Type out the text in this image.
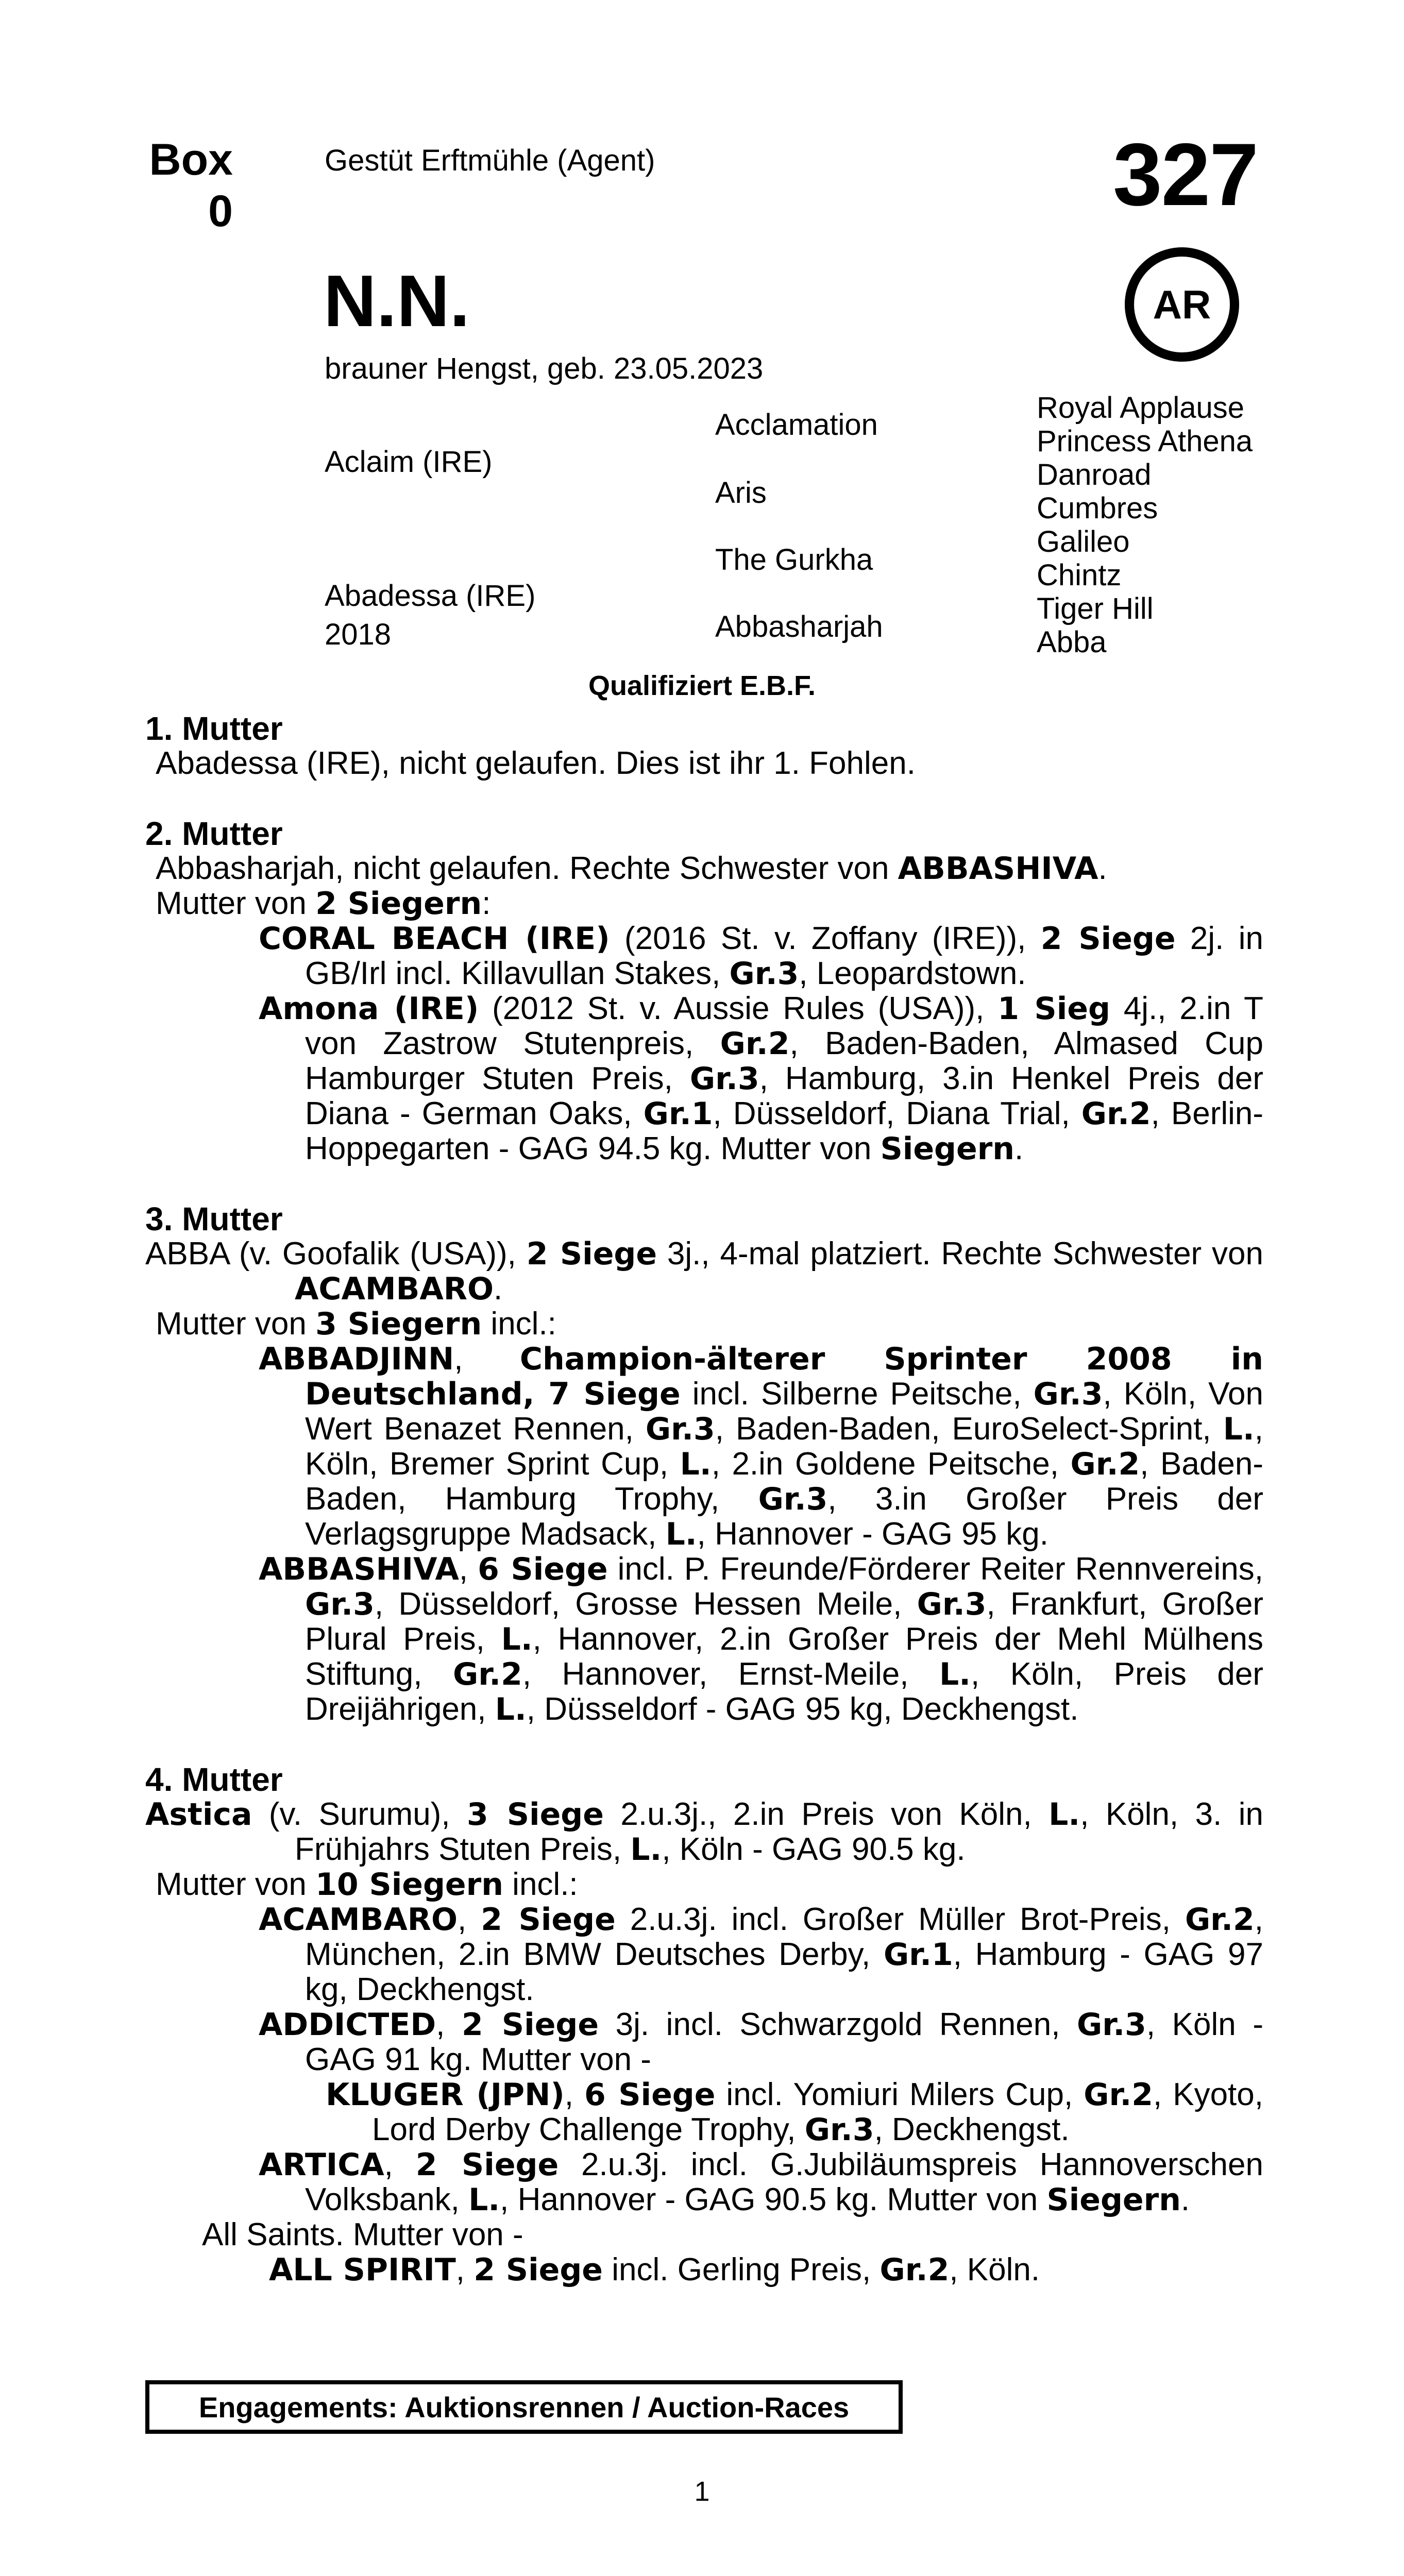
Box
0
Gestüt Erftmühle (Agent)	327
AR
N.N.
brauner Hengst, geb. 23.05.2023
Aclaim (IRE)
Abadessa (IRE)
2018
Acclamation
Aris
The Gurkha
Abbasharjah
Royal Applause
Princess Athena
Danroad
Cumbres
Galileo
Chintz
Tiger Hill
Abba
Qualifiziert E.B.F.
1. Mutter

Abadessa (IRE), nicht gelaufen. Dies ist ihr 1. Fohlen.

2. Mutter

Abbasharjah, nicht gelaufen. Rechte Schwester von ABBASHIVA.

Mutter von 2 Siegern:

CORAL BEACH (IRE) (2016 St. v. Zoffany (IRE)), 2 Siege 2j. in GB/Irl incl. Killavullan Stakes, Gr.3, Leopardstown.

Amona (IRE) (2012 St. v. Aussie Rules (USA)), 1 Sieg 4j., 2.in T von Zastrow Stutenpreis, Gr.2, Baden-Baden, Almased Cup Hamburger Stuten Preis, Gr.3, Hamburg, 3.in Henkel Preis der Diana - German Oaks, Gr.1, Düsseldorf, Diana Trial, Gr.2, Berlin-Hoppegarten - GAG 94.5 kg. Mutter von Siegern.

3. Mutter

ABBA (v. Goofalik (USA)), 2 Siege 3j., 4-mal platziert. Rechte Schwester von ACAMBARO.

Mutter von 3 Siegern incl.:

ABBADJINN, Champion-älterer Sprinter 2008 in Deutschland, 7 Siege incl. Silberne Peitsche, Gr.3, Köln, Von Wert Benazet Rennen, Gr.3, Baden-Baden, EuroSelect-Sprint, L., Köln, Bremer Sprint Cup, L., 2.in Goldene Peitsche, Gr.2, Baden-Baden, Hamburg Trophy, Gr.3, 3.in Großer Preis der Verlagsgruppe Madsack, L., Hannover - GAG 95 kg.

ABBASHIVA, 6 Siege incl. P. Freunde/Förderer Reiter Rennvereins, Gr.3, Düsseldorf, Grosse Hessen Meile, Gr.3, Frankfurt, Großer Plural Preis, L., Hannover, 2.in Großer Preis der Mehl Mülhens Stiftung, Gr.2, Hannover, Ernst-Meile, L., Köln, Preis der Dreijährigen, L., Düsseldorf - GAG 95 kg, Deckhengst.

4. Mutter

Astica (v. Surumu), 3 Siege 2.u.3j., 2.in Preis von Köln, L., Köln, 3. in Frühjahrs Stuten Preis, L., Köln - GAG 90.5 kg.

Mutter von 10 Siegern incl.:

ACAMBARO, 2 Siege 2.u.3j. incl. Großer Müller Brot-Preis, Gr.2, München, 2.in BMW Deutsches Derby, Gr.1, Hamburg - GAG 97 kg, Deckhengst.

ADDICTED, 2 Siege 3j. incl. Schwarzgold Rennen, Gr.3, Köln - GAG 91 kg. Mutter von -

KLUGER (JPN), 6 Siege incl. Yomiuri Milers Cup, Gr.2, Kyoto, Lord Derby Challenge Trophy, Gr.3, Deckhengst.

ARTICA, 2 Siege 2.u.3j. incl. G.Jubiläumspreis Hannoverschen Volksbank, L., Hannover - GAG 90.5 kg. Mutter von Siegern.

All Saints. Mutter von -

ALL SPIRIT, 2 Siege incl. Gerling Preis, Gr.2, Köln.

Engagements: Auktionsrennen / Auction-Races
1
